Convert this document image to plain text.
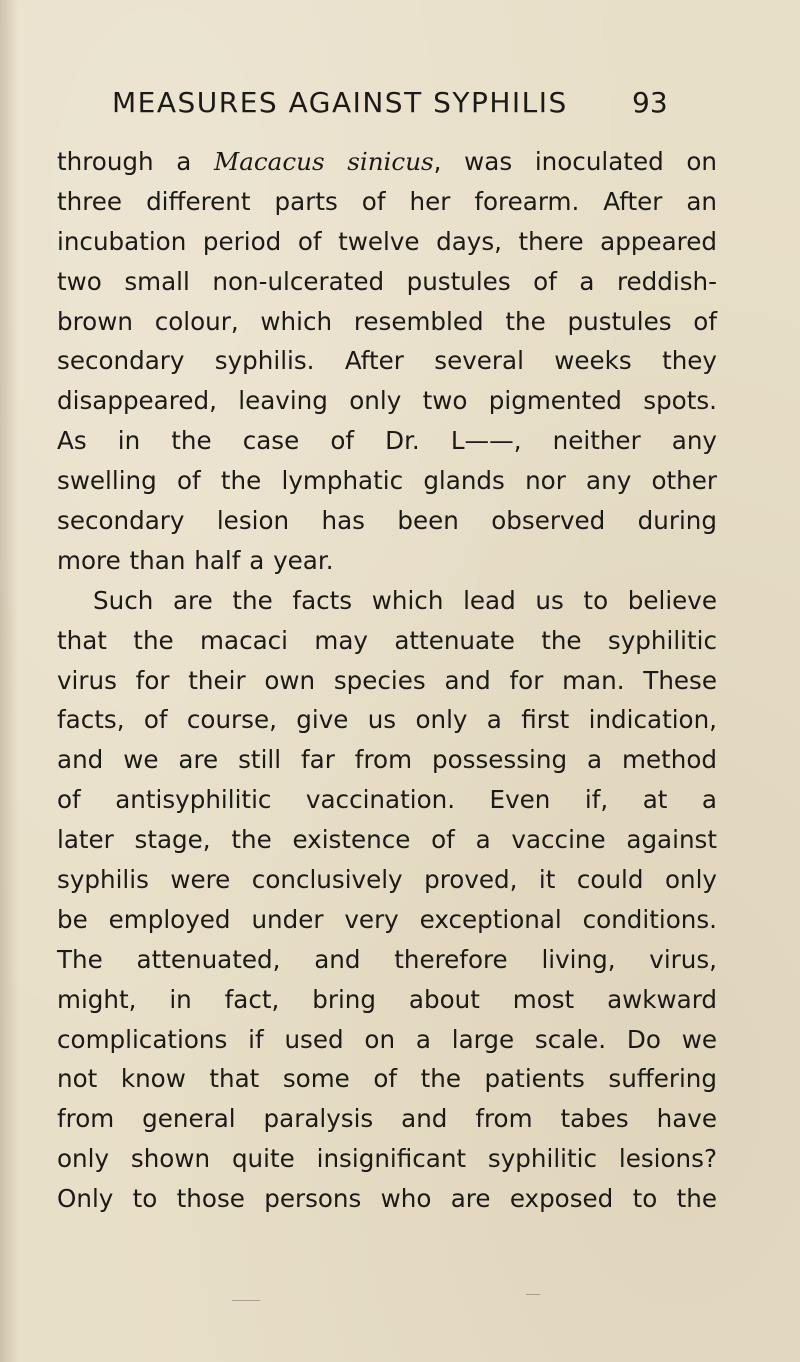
MEASURES AGAINST SYPHILIS 93
through a Macacus sinicus, was inoculated on
three different parts of her forearm. After an
incubation period of twelve days, there appeared
two small non-ulcerated pustules of a reddish-
brown colour, which resembled the pustules of
secondary syphilis. After several weeks they
disappeared, leaving only two pigmented spots.
As in the case of Dr. L——, neither any
swelling of the lymphatic glands nor any other
secondary lesion has been observed during
more than half a year.
Such are the facts which lead us to believe
that the macaci may attenuate the syphilitic
virus for their own species and for man. These
facts, of course, give us only a first indication,
and we are still far from possessing a method
of antisyphilitic vaccination. Even if, at a
later stage, the existence of a vaccine against
syphilis were conclusively proved, it could only
be employed under very exceptional conditions.
The attenuated, and therefore living, virus,
might, in fact, bring about most awkward
complications if used on a large scale. Do we
not know that some of the patients suffering
from general paralysis and from tabes have
only shown quite insignificant syphilitic lesions?
Only to those persons who are exposed to the
